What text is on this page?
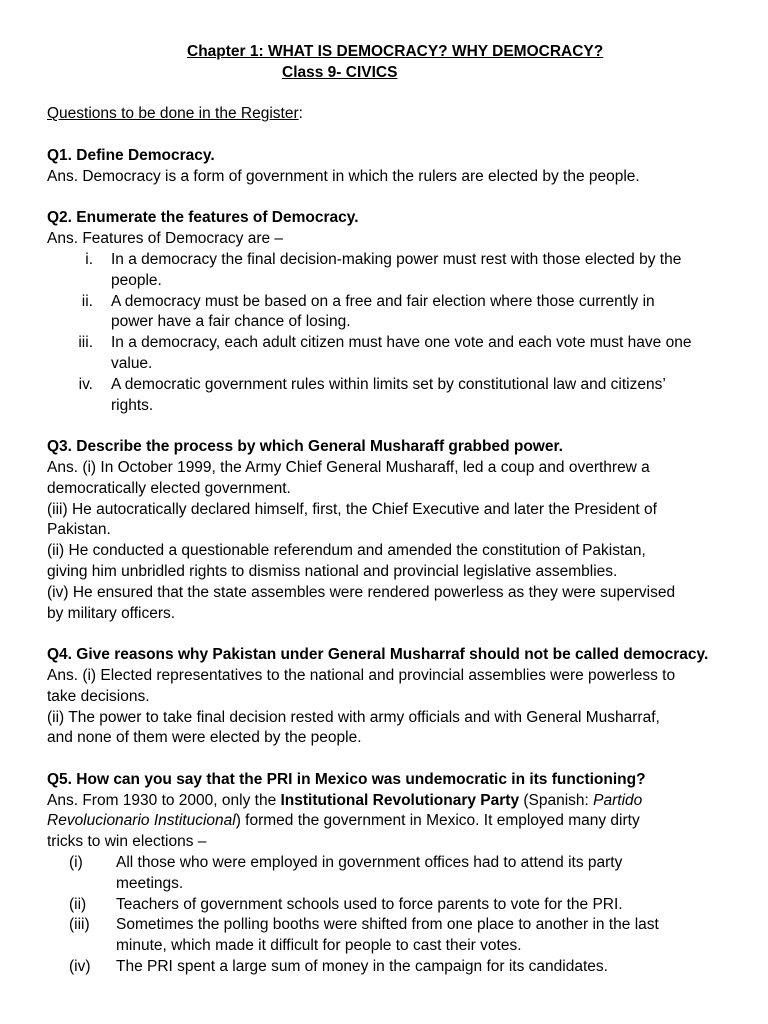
Chapter 1: WHAT IS DEMOCRACY? WHY DEMOCRACY?
Class 9- CIVICS
Questions to be done in the Register:
Q1. Define Democracy.
Ans. Democracy is a form of government in which the rulers are elected by the people.
Q2. Enumerate the features of Democracy.
Ans. Features of Democracy are –
i.	In a democracy the final decision-making power must rest with those elected by the
people.
ii.	A democracy must be based on a free and fair election where those currently in
power have a fair chance of losing.
iii.	In a democracy, each adult citizen must have one vote and each vote must have one
value.
iv.	A democratic government rules within limits set by constitutional law and citizens’
rights.
Q3. Describe the process by which General Musharaff grabbed power.
Ans. (i) In October 1999, the Army Chief General Musharaff, led a coup and overthrew a
democratically elected government.
(iii) He autocratically declared himself, first, the Chief Executive and later the President of
Pakistan.
(ii) He conducted a questionable referendum and amended the constitution of Pakistan,
giving him unbridled rights to dismiss national and provincial legislative assemblies.
(iv) He ensured that the state assembles were rendered powerless as they were supervised
by military officers.
Q4. Give reasons why Pakistan under General Musharraf should not be called democracy.
Ans. (i) Elected representatives to the national and provincial assemblies were powerless to
take decisions.
(ii) The power to take final decision rested with army officials and with General Musharraf,
and none of them were elected by the people.
Q5. How can you say that the PRI in Mexico was undemocratic in its functioning?
Ans. From 1930 to 2000, only the Institutional Revolutionary Party (Spanish: Partido
Revolucionario Institucional) formed the government in Mexico. It employed many dirty
tricks to win elections –
(i)	All those who were employed in government offices had to attend its party
meetings.
(ii)	Teachers of government schools used to force parents to vote for the PRI.
(iii)	Sometimes the polling booths were shifted from one place to another in the last
minute, which made it difficult for people to cast their votes.
(iv)	The PRI spent a large sum of money in the campaign for its candidates.
